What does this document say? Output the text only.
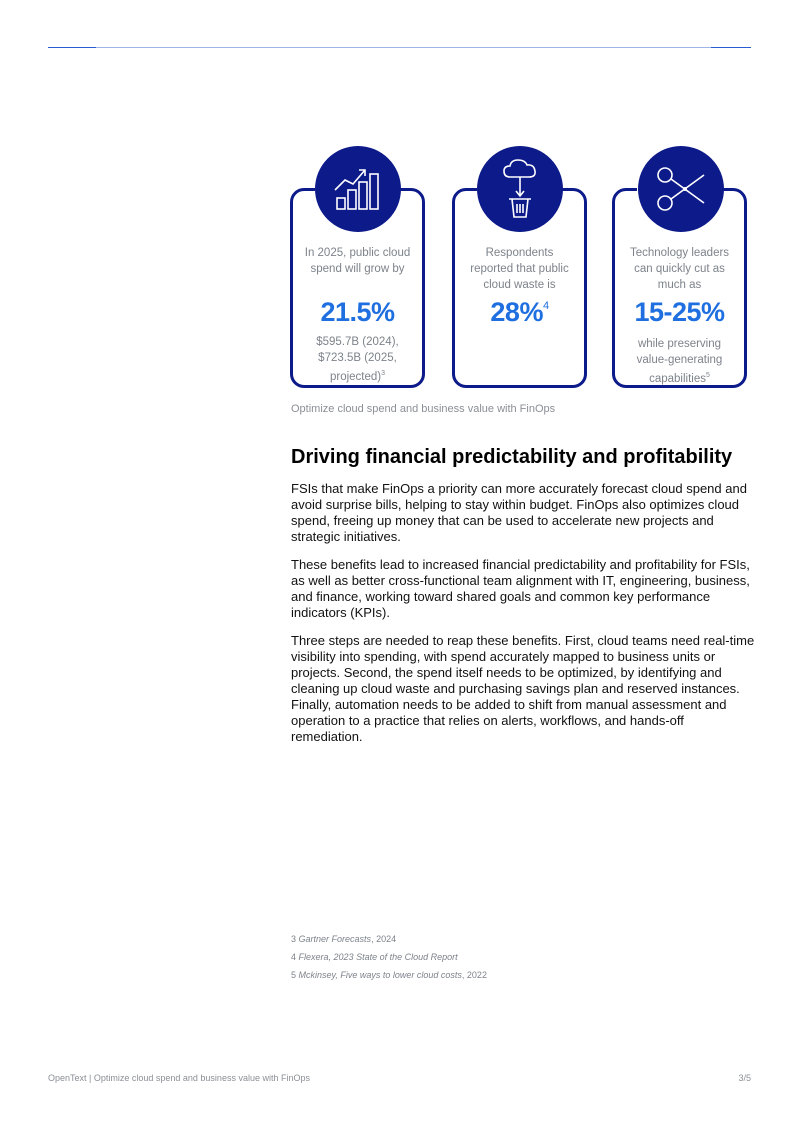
In 2025, public cloud spend will grow by
21.5%
$595.7B (2024), $723.5B (2025, projected)$^3$
Respondents reported that public cloud waste is
28%$^4$
Technology leaders can quickly cut as much as
15-25%
while preserving value-generating capabilities$^5$
Optimize cloud spend and business value with FinOps
Driving financial predictability and profitability

FSIs that make FinOps a priority can more accurately forecast cloud spend and avoid surprise bills, helping to stay within budget. FinOps also optimizes cloud spend, freeing up money that can be used to accelerate new projects and strategic initiatives.

These benefits lead to increased financial predictability and profitability for FSIs, as well as better cross-functional team alignment with IT, engineering, business, and finance, working toward shared goals and common key performance indicators (KPIs).

Three steps are needed to reap these benefits. First, cloud teams need real-time visibility into spending, with spend accurately mapped to business units or projects. Second, the spend itself needs to be optimized, by identifying and cleaning up cloud waste and purchasing savings plan and reserved instances. Finally, automation needs to be added to shift from manual assessment and operation to a practice that relies on alerts, workflows, and hands-off remediation.

3 Gartner Forecasts, 2024
4 Flexera, 2023 State of the Cloud Report
5 Mckinsey, Five ways to lower cloud costs, 2022
OpenText | Optimize cloud spend and business value with FinOps	3/5
